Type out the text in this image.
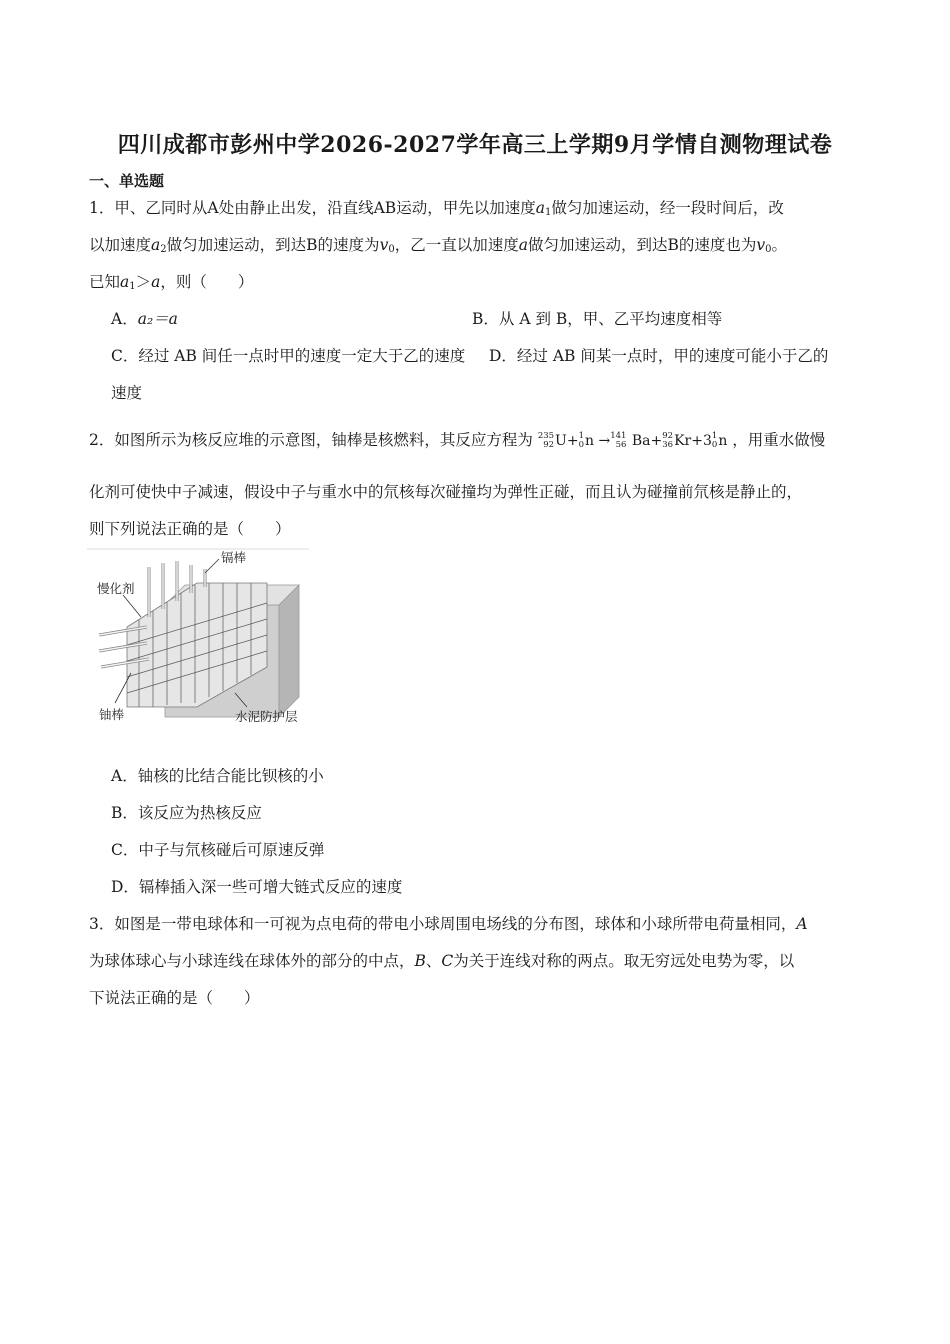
四川成都市彭州中学2026-2027学年高三上学期9月学情自测物理试卷
一、单选题
1．甲、乙同时从A处由静止出发，沿直线AB运动，甲先以加速度$a_1$做匀加速运动，经一段时间后，改
以加速度$a_2$做匀加速运动，到达B的速度为$v_0$，乙一直以加速度a做匀加速运动，到达B的速度也为$v_0$。
已知$a_1>a$，则（　　）
A．a₂＝a	B．从 A 到 B，甲、乙平均速度相等
C．经过 AB 间任一点时甲的速度一定大于乙的速度 D．经过 AB 间某一点时，甲的速度可能小于乙的
速度
2．如图所示为核反应堆的示意图，铀棒是核燃料，其反应方程为 235
92 U+ 1
0 n → 141
56 Ba+ 92
36 Kr+3 1
0 n ，用重水做慢
化剂可使快中子减速，假设中子与重水中的氘核每次碰撞均为弹性正碰，而且认为碰撞前氘核是静止的，
则下列说法正确的是（　　）
镉棒
慢化剂
铀棒	水泥防护层
A．铀核的比结合能比钡核的小
B．该反应为热核反应
C．中子与氘核碰后可原速反弹
D．镉棒插入深一些可增大链式反应的速度
3．如图是一带电球体和一可视为点电荷的带电小球周围电场线的分布图，球体和小球所带电荷量相同，A
为球体球心与小球连线在球体外的部分的中点，B、C为关于连线对称的两点。取无穷远处电势为零，以
下说法正确的是（　　）
